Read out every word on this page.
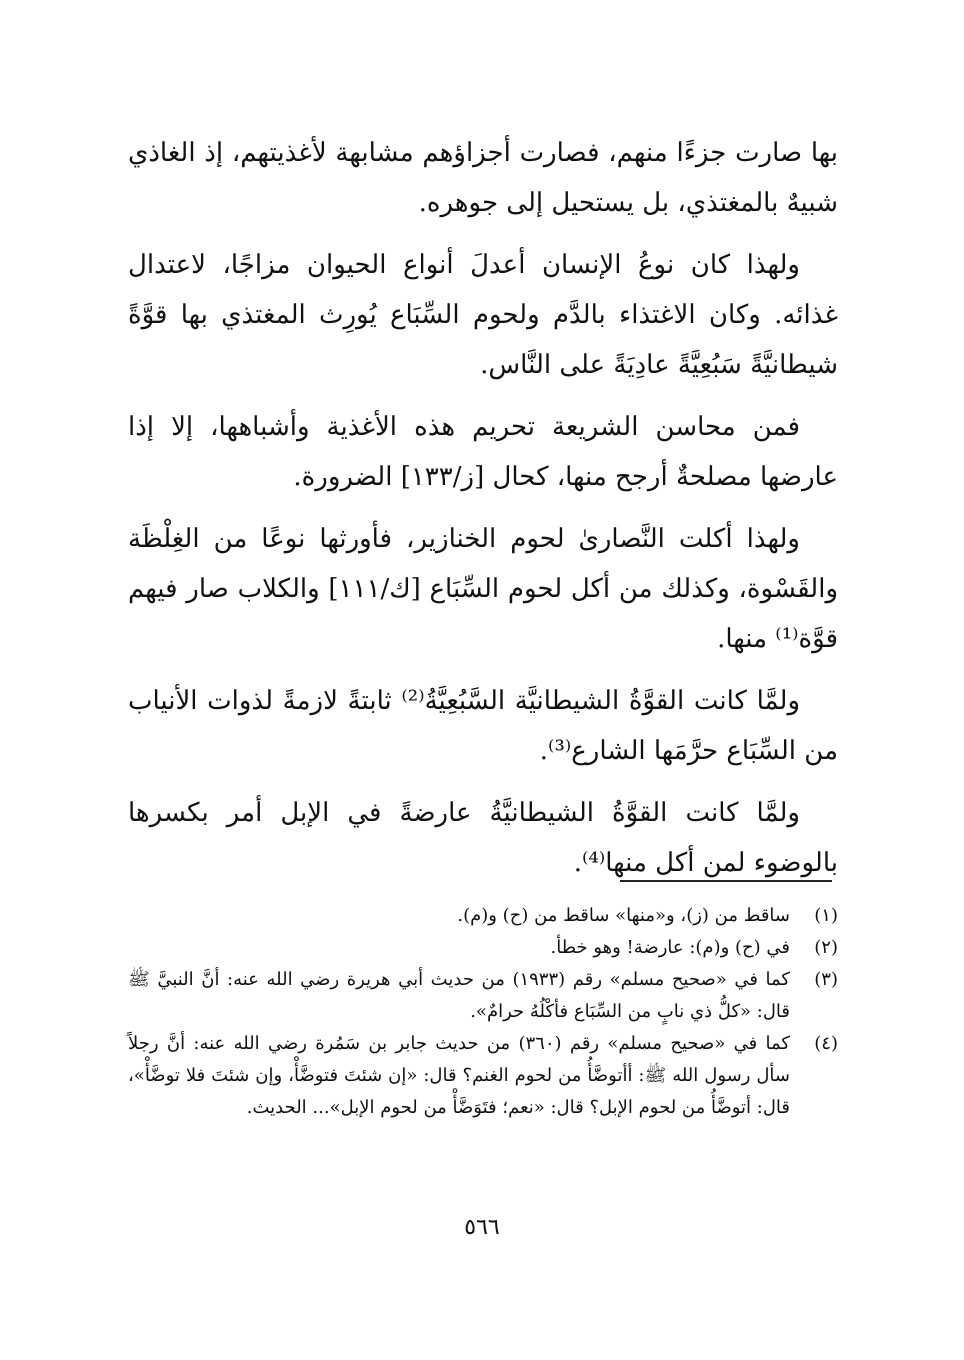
بها صارت جزءًا منهم، فصارت أجزاؤهم مشابهة لأغذيتهم، إذ الغاذي شبيهٌ بالمغتذي، بل يستحيل إلى جوهره.

ولهذا كان نوعُ الإنسان أعدلَ أنواع الحيوان مزاجًا، لاعتدال غذائه. وكان الاغتذاء بالدَّم ولحوم السِّبَاع يُورِث المغتذي بها قوَّةً شيطانيَّةً سَبُعِيَّةً عادِيَةً على النَّاس.

فمن محاسن الشريعة تحريم هذه الأغذية وأشباهها، إلا إذا عارضها مصلحةٌ أرجح منها، كحال [ز/١٣٣] الضرورة.

ولهذا أكلت النَّصارىٰ لحوم الخنازير، فأورثها نوعًا من الغِلْظَة والقَسْوة، وكذلك من أكل لحوم السِّبَاع [ك/١١١] والكلاب صار فيهم قوَّة⁽¹⁾ منها.

ولمَّا كانت القوَّةُ الشيطانيَّة السَّبُعِيَّةُ⁽²⁾ ثابتةً لازمةً لذوات الأنياب من السِّبَاع حرَّمَها الشارع⁽³⁾.

ولمَّا كانت القوَّةُ الشيطانيَّةُ عارضةً في الإبل أمر بكسرها بالوضوء لمن أكل منها⁽⁴⁾.

(١)
ساقط من (ز)، و«منها» ساقط من (ح) و(م).
(٢)
في (ح) و(م): عارضة! وهو خطأ.
(٣)
كما في «صحيح مسلم» رقم (١٩٣٣) من حديث أبي هريرة رضي الله عنه: أنَّ النبيَّ ﷺ قال: «كلُّ ذي نابٍ من السِّبَاع فأكْلُهُ حرامٌ».
(٤)
كما في «صحيح مسلم» رقم (٣٦٠) من حديث جابر بن سَمُرة رضي الله عنه: أنَّ رجلاً سأل رسول الله ﷺ: أأتوضَّأُ من لحوم الغنم؟ قال: «إن شئتَ فتوضَّأْ، وإن شئتَ فلا توضَّأْ»، قال: أتوضَّأُ من لحوم الإبل؟ قال: «نعم؛ فتَوَضَّأْ من لحوم الإبل»... الحديث.
٥٦٦
